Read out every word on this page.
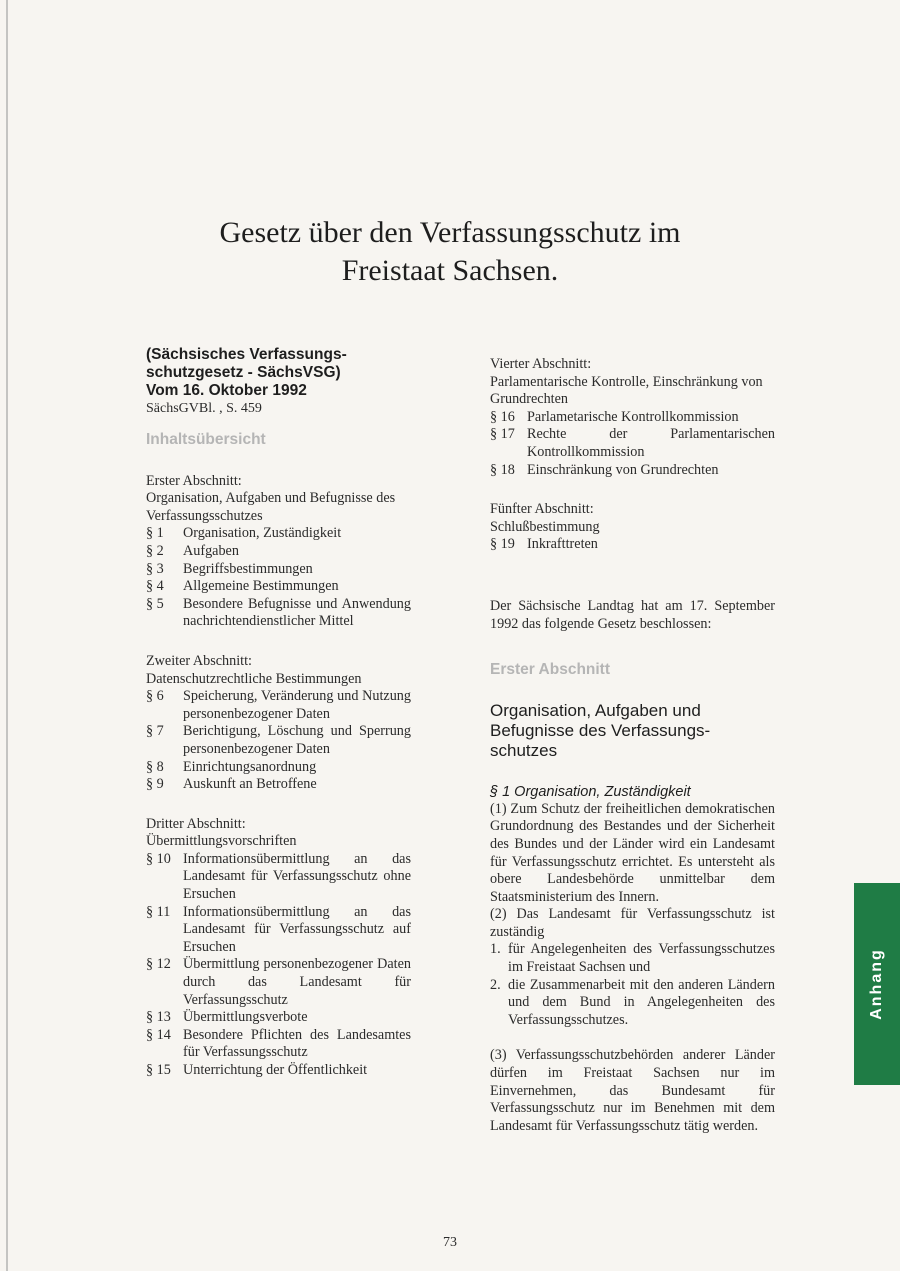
Gesetz über den Verfassungsschutz im
Freistaat Sachsen.
(Sächsisches Verfassungs-
schutzgesetz - SächsVSG)
Vom 16. Oktober 1992
SächsGVBl. , S. 459
Inhaltsübersicht
Erster Abschnitt:
Organisation, Aufgaben und Befugnisse des Verfassungsschutzes
§ 1	Organisation, Zuständigkeit
§ 2	Aufgaben
§ 3	Begriffsbestimmungen
§ 4	Allgemeine Bestimmungen
§ 5	Besondere Befugnisse und Anwendung nachrichtendienstlicher Mittel
Zweiter Abschnitt:
Datenschutzrechtliche Bestimmungen
§ 6	Speicherung, Veränderung und Nutzung personenbezogener Daten
§ 7	Berichtigung, Löschung und Sperrung personenbezogener Daten
§ 8	Einrichtungsanordnung
§ 9	Auskunft an Betroffene
Dritter Abschnitt:
Übermittlungsvorschriften
§ 10 Informationsübermittlung an das Landesamt für Verfassungsschutz ohne Ersuchen
§ 11 Informationsübermittlung an das Landesamt für Verfassungsschutz auf Ersuchen
§ 12 Übermittlung personenbezogener Daten durch das Landesamt für Verfassungsschutz
§ 13 Übermittlungsverbote
§ 14 Besondere Pflichten des Landesamtes für Verfassungsschutz
§ 15 Unterrichtung der Öffentlichkeit
Vierter Abschnitt:
Parlamentarische Kontrolle, Einschränkung von Grundrechten
§ 16 Parlametarische Kontrollkommission
§ 17 Rechte der Parlamentarischen Kontrollkommission
§ 18 Einschränkung von Grundrechten
Fünfter Abschnitt:
Schlußbestimmung
§ 19 Inkrafttreten
Der Sächsische Landtag hat am 17. September 1992 das folgende Gesetz beschlossen:
Erster Abschnitt
Organisation, Aufgaben und
Befugnisse des Verfassungs-
schutzes
§ 1 Organisation, Zuständigkeit
(1) Zum Schutz der freiheitlichen demokratischen Grundordnung des Bestandes und der Sicherheit des Bundes und der Länder wird ein Landesamt für Verfassungsschutz errichtet. Es untersteht als obere Landesbehörde unmittelbar dem Staatsministerium des Innern.
(2) Das Landesamt für Verfassungsschutz ist zuständig
1. für Angelegenheiten des Verfassungsschutzes im Freistaat Sachsen und
2. die Zusammenarbeit mit den anderen Ländern und dem Bund in Angelegenheiten des Verfassungsschutzes.
(3) Verfassungsschutzbehörden anderer Länder dürfen im Freistaat Sachsen nur im Einvernehmen, das Bundesamt für Verfassungsschutz nur im Benehmen mit dem Landesamt für Verfassungsschutz tätig werden.
Anhang
73
